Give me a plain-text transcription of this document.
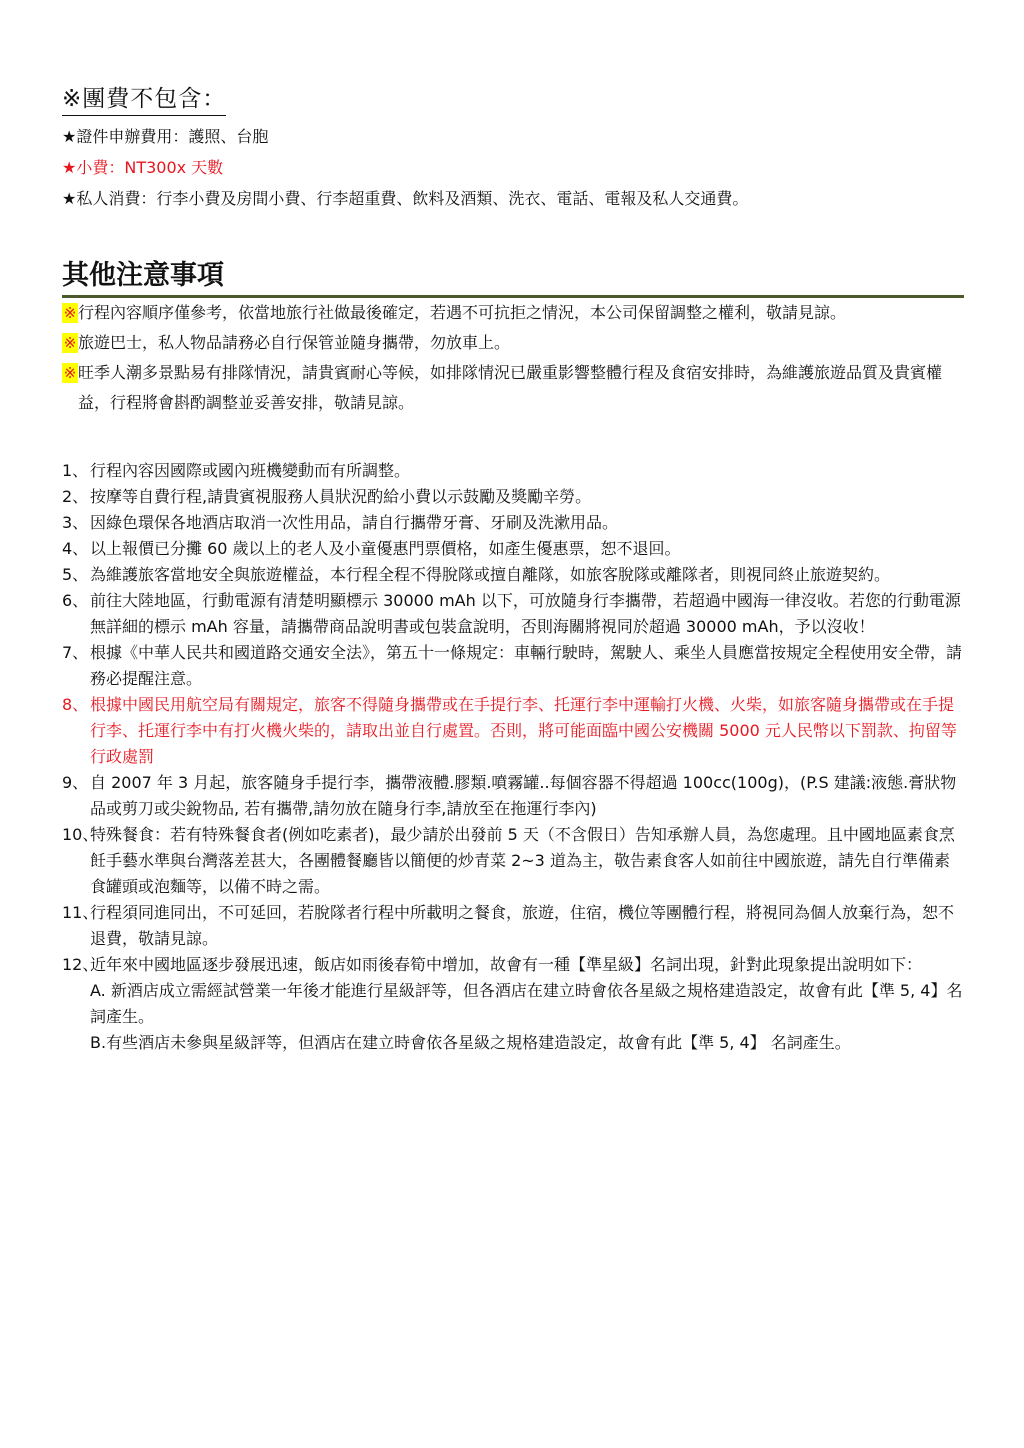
※團費不包含：
★證件申辦費用：護照、台胞
★小費：NT300x 天數
★私人消費：行李小費及房間小費、行李超重費、飲料及酒類、洗衣、電話、電報及私人交通費。
其他注意事項
※ 行程內容順序僅參考，依當地旅行社做最後確定，若遇不可抗拒之情況，本公司保留調整之權利，敬請見諒。
※ 旅遊巴士，私人物品請務必自行保管並隨身攜帶，勿放車上。
※ 旺季人潮多景點易有排隊情況，請貴賓耐心等候，如排隊情況已嚴重影響整體行程及食宿安排時，為維護旅遊品質及貴賓權益，行程將會斟酌調整並妥善安排，敬請見諒。
1、 行程內容因國際或國內班機變動而有所調整。
2、 按摩等自費行程,請貴賓視服務人員狀況酌給小費以示鼓勵及獎勵辛勞。
3、 因綠色環保各地酒店取消一次性用品，請自行攜帶牙膏、牙刷及洗漱用品。
4、 以上報價已分攤 60 歲以上的老人及小童優惠門票價格，如產生優惠票，恕不退回。
5、 為維護旅客當地安全與旅遊權益，本行程全程不得脫隊或擅自離隊，如旅客脫隊或離隊者，則視同終止旅遊契約。
6、 前往大陸地區，行動電源有清楚明顯標示 30000 mAh 以下，可放隨身行李攜帶，若超過中國海一律沒收。若您的行動電源無詳細的標示 mAh 容量，請攜帶商品說明書或包裝盒說明，否則海關將視同於超過 30000 mAh，予以沒收！
7、 根據《中華人民共和國道路交通安全法》，第五十一條規定：車輛行駛時，駕駛人、乘坐人員應當按規定全程使用安全帶，請務必提醒注意。
8、 根據中國民用航空局有關規定，旅客不得隨身攜帶或在手提行李、托運行李中運輸打火機、火柴，如旅客隨身攜帶或在手提行李、托運行李中有打火機火柴的，請取出並自行處置。否則，將可能面臨中國公安機關 5000 元人民幣以下罰款、拘留等行政處罰
9、 自 2007 年 3 月起，旅客隨身手提行李，攜帶液體.膠類.噴霧罐..每個容器不得超過 100cc(100g)，(P.S 建議:液態.膏狀物品或剪刀或尖銳物品, 若有攜帶,請勿放在隨身行李,請放至在拖運行李內)
10、
特殊餐食：若有特殊餐食者(例如吃素者)，最少請於出發前 5 天（不含假日）告知承辦人員，為您處理。且中國地區素食烹飪手藝水準與台灣落差甚大，各團體餐廳皆以簡便的炒青菜 2~3 道為主，敬告素食客人如前往中國旅遊，請先自行準備素食罐頭或泡麵等，以備不時之需。
11、
行程須同進同出，不可延回，若脫隊者行程中所載明之餐食，旅遊，住宿，機位等團體行程，將視同為個人放棄行為，恕不退費，敬請見諒。
12、
近年來中國地區逐步發展迅速，飯店如雨後春筍中增加，故會有一種【準星級】名詞出現，針對此現象提出說明如下：
A. 新酒店成立需經試營業一年後才能進行星級評等，但各酒店在建立時會依各星級之規格建造設定，故會有此【準 5, 4】名詞產生。
B.有些酒店未參與星級評等，但酒店在建立時會依各星級之規格建造設定，故會有此【準 5, 4】 名詞產生。
